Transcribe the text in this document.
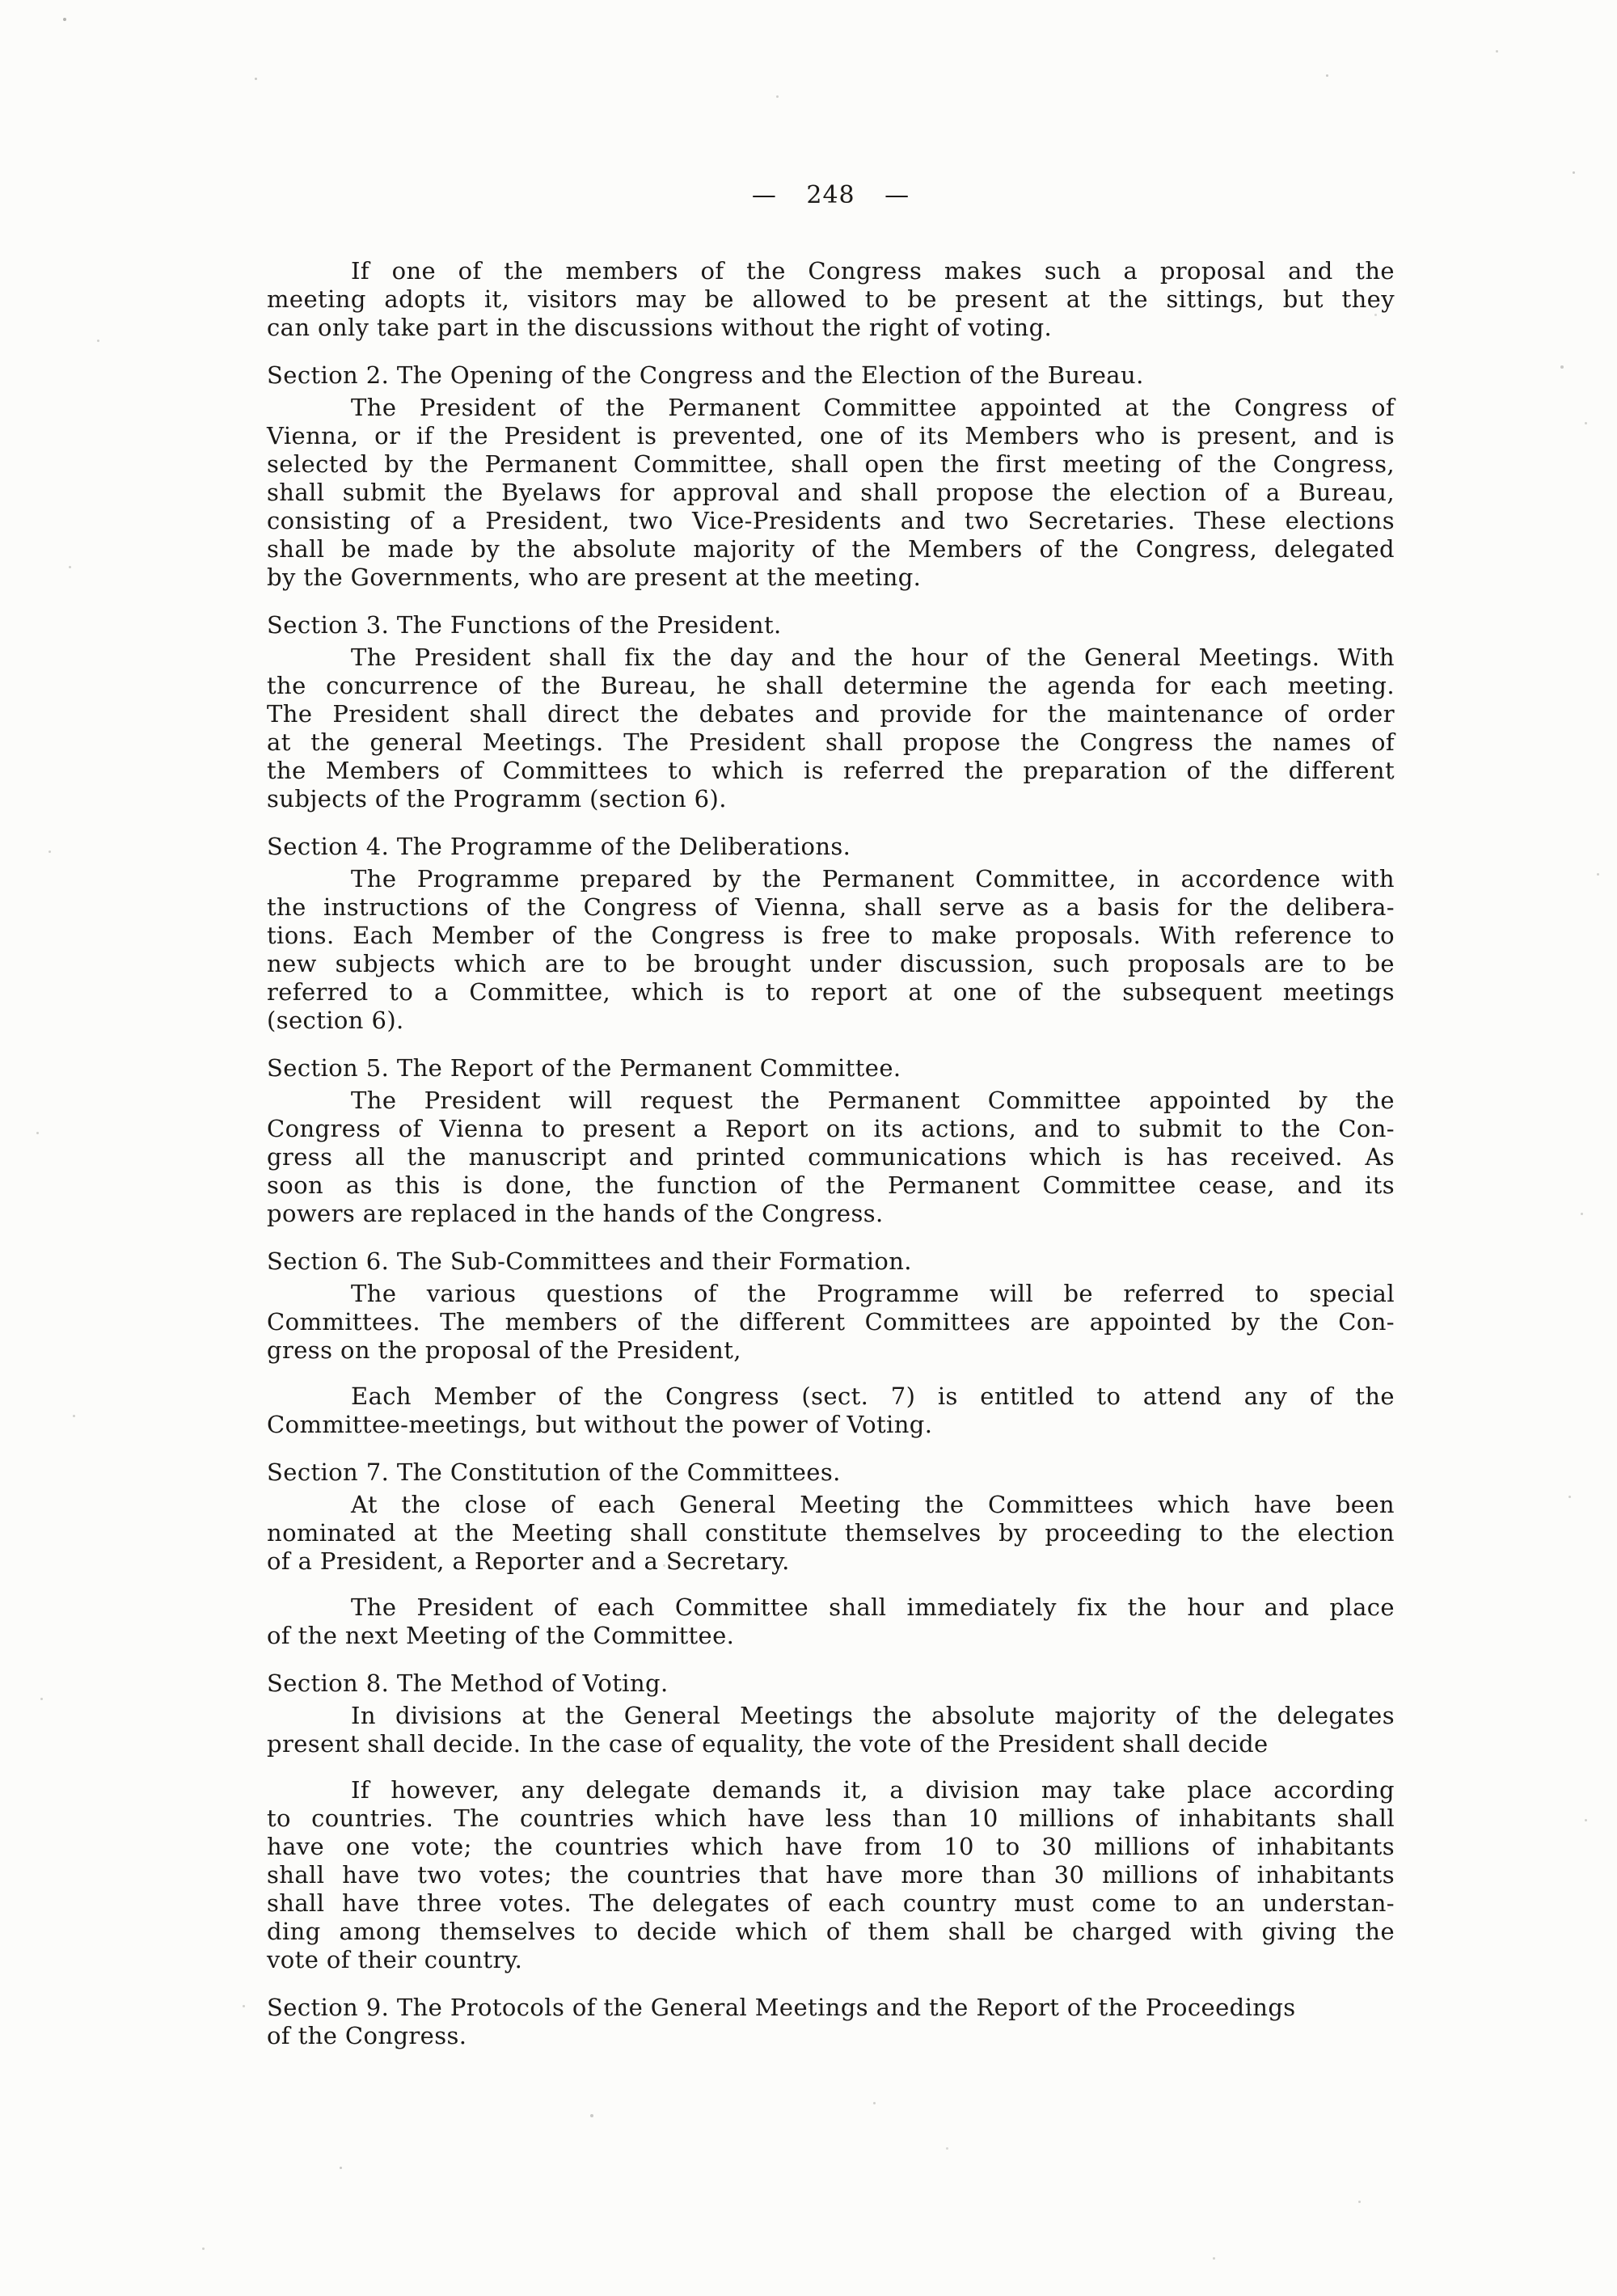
— 248 —
If one of the members of the Congress makes such a proposal and the
meeting adopts it, visitors may be allowed to be present at the sittings, but they
can only take part in the discussions without the right of voting.
Section 2. The Opening of the Congress and the Election of the Bureau.
The President of the Permanent Committee appointed at the Congress of
Vienna, or if the President is prevented, one of its Members who is present, and is
selected by the Permanent Committee, shall open the first meeting of the Congress,
shall submit the Byelaws for approval and shall propose the election of a Bureau,
consisting of a President, two Vice-Presidents and two Secretaries. These elections
shall be made by the absolute majority of the Members of the Congress, delegated
by the Governments, who are present at the meeting.
Section 3. The Functions of the President.
The President shall fix the day and the hour of the General Meetings. With
the concurrence of the Bureau, he shall determine the agenda for each meeting.
The President shall direct the debates and provide for the maintenance of order
at the general Meetings. The President shall propose the Congress the names of
the Members of Committees to which is referred the preparation of the different
subjects of the Programm (section 6).
Section 4. The Programme of the Deliberations.
The Programme prepared by the Permanent Committee, in accordence with
the instructions of the Congress of Vienna, shall serve as a basis for the delibera-
tions. Each Member of the Congress is free to make proposals. With reference to
new subjects which are to be brought under discussion, such proposals are to be
referred to a Committee, which is to report at one of the subsequent meetings
(section 6).
Section 5. The Report of the Permanent Committee.
The President will request the Permanent Committee appointed by the
Congress of Vienna to present a Report on its actions, and to submit to the Con-
gress all the manuscript and printed communications which is has received. As
soon as this is done, the function of the Permanent Committee cease, and its
powers are replaced in the hands of the Congress.
Section 6. The Sub-Committees and their Formation.
The various questions of the Programme will be referred to special
Committees. The members of the different Committees are appointed by the Con-
gress on the proposal of the President,
Each Member of the Congress (sect. 7) is entitled to attend any of the
Committee-meetings, but without the power of Voting.
Section 7. The Constitution of the Committees.
At the close of each General Meeting the Committees which have been
nominated at the Meeting shall constitute themselves by proceeding to the election
of a President, a Reporter and a Secretary.
The President of each Committee shall immediately fix the hour and place
of the next Meeting of the Committee.
Section 8. The Method of Voting.
In divisions at the General Meetings the absolute majority of the delegates
present shall decide. In the case of equality, the vote of the President shall decide
If however, any delegate demands it, a division may take place according
to countries. The countries which have less than 10 millions of inhabitants shall
have one vote; the countries which have from 10 to 30 millions of inhabitants
shall have two votes; the countries that have more than 30 millions of inhabitants
shall have three votes. The delegates of each country must come to an understan-
ding among themselves to decide which of them shall be charged with giving the
vote of their country.
Section 9. The Protocols of the General Meetings and the Report of the Proceedings
of the Congress.
